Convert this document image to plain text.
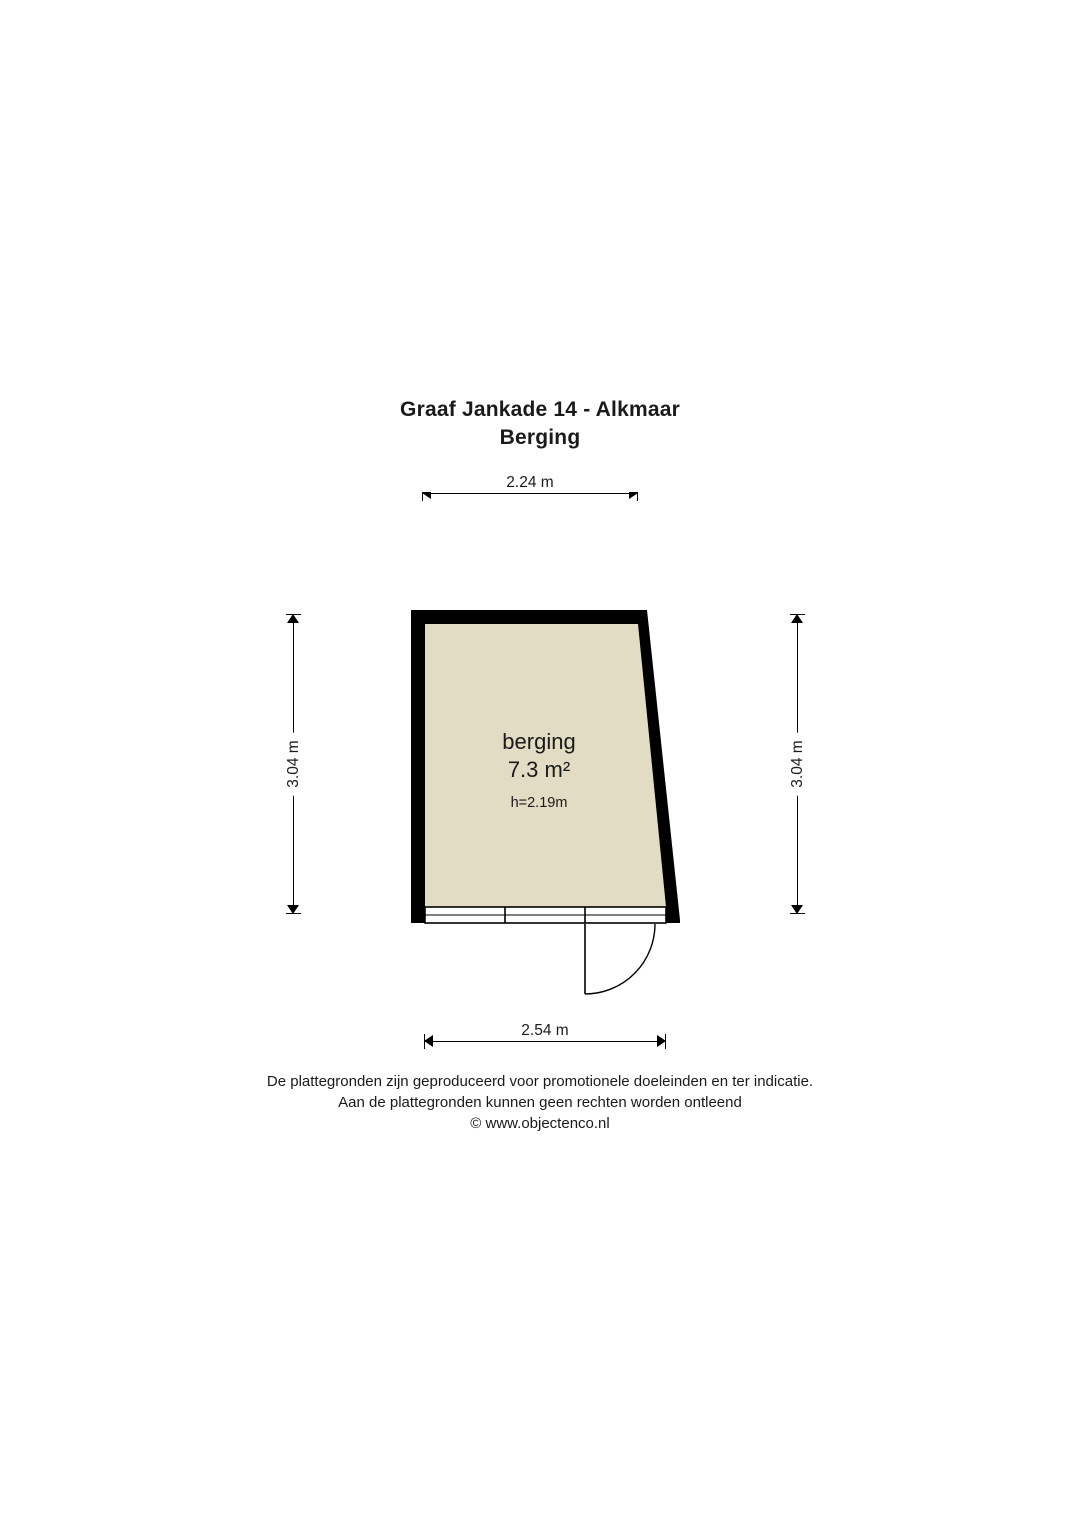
Graaf Jankade 14 - Alkmaar
Berging
2.24 m
3.04 m	3.04 m
berging
7.3 m²
h=2.19m
2.54 m
De plattegronden zijn geproduceerd voor promotionele doeleinden en ter indicatie.
Aan de plattegronden kunnen geen rechten worden ontleend
© www.objectenco.nl
